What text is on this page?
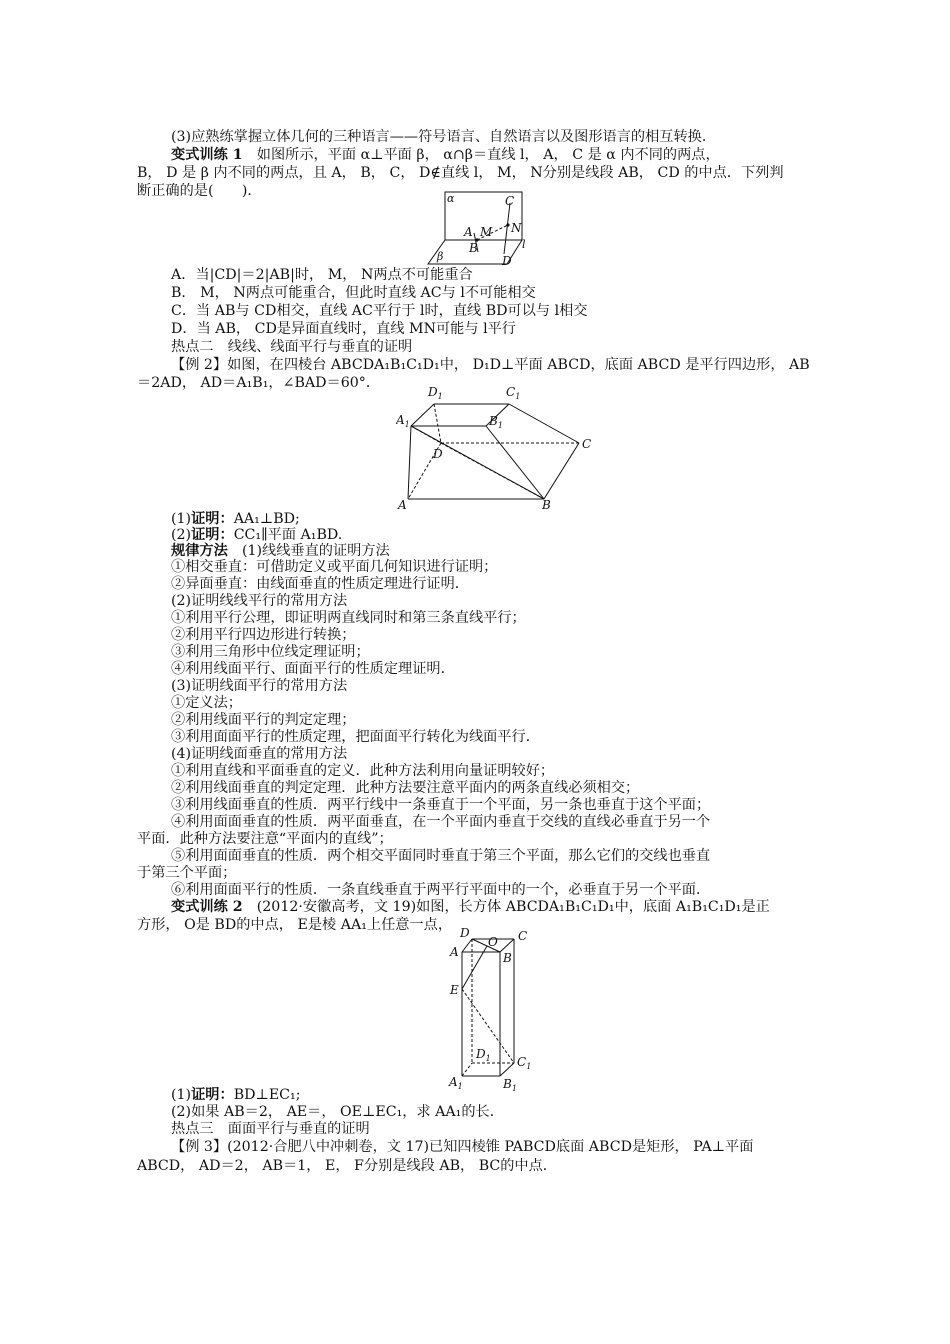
(3)应熟练掌握立体几何的三种语言——符号语言、自然语言以及图形语言的相互转换．
变式训练 1　如图所示，平面 α⊥平面 β， α∩β＝直线 l， A， C 是 α 内不同的两点，
B， D 是 β 内不同的两点，且 A， B， C， D∉直线 l， M， N分别是线段 AB， CD 的中点．下列判
断正确的是(　　)．	α
β
l
A
B
C
D
M N
A．当|CD|＝2|AB|时， M， N两点不可能重合
B． M， N两点可能重合，但此时直线 AC与 l不可能相交
C．当 AB与 CD相交，直线 AC平行于 l时，直线 BD可以与 l相交
D．当 AB， CD是异面直线时，直线 MN可能与 l平行
热点二　线线、线面平行与垂直的证明
【例 2】如图，在四棱台 ABCDA₁B₁C₁D₁中， D₁D⊥平面 ABCD，底面 ABCD 是平行四边形， AB
＝2AD， AD＝A₁B₁，∠BAD＝60°．
$D_1$	$C_1$
$A_1$	$B_1$
C
D
A	B
(1)证明：AA₁⊥BD;
(2)证明：CC₁∥平面 A₁BD.
规律方法　(1)线线垂直的证明方法
①相交垂直：可借助定义或平面几何知识进行证明；
②异面垂直：由线面垂直的性质定理进行证明．
(2)证明线线平行的常用方法
①利用平行公理，即证明两直线同时和第三条直线平行；
②利用平行四边形进行转换；
③利用三角形中位线定理证明；
④利用线面平行、面面平行的性质定理证明．
(3)证明线面平行的常用方法
①定义法；
②利用线面平行的判定定理；
③利用面面平行的性质定理，把面面平行转化为线面平行．
(4)证明线面垂直的常用方法
①利用直线和平面垂直的定义．此种方法利用向量证明较好；
②利用线面垂直的判定定理．此种方法要注意平面内的两条直线必须相交；
③利用线面垂直的性质．两平行线中一条垂直于一个平面，另一条也垂直于这个平面；
④利用面面垂直的性质．两平面垂直，在一个平面内垂直于交线的直线必垂直于另一个
平面．此种方法要注意“平面内的直线”；
⑤利用面面垂直的性质．两个相交平面同时垂直于第三个平面，那么它们的交线也垂直
于第三个平面；
⑥利用面面平行的性质．一条直线垂直于两平行平面中的一个，必垂直于另一个平面．
变式训练 2　(2012·安徽高考，文 19)如图，长方体 ABCDA₁B₁C₁D₁中，底面 A₁B₁C₁D₁是正
方形， O是 BD的中点， E是棱 AA₁上任意一点， D
O C
A	B
E
$D_1$ $C_1$
$A_1$	$B_1$
(1)证明：BD⊥EC₁;
(2)如果 AB＝2， AE＝， OE⊥EC₁，求 AA₁的长．
热点三　面面平行与垂直的证明
【例 3】(2012·合肥八中冲刺卷，文 17)已知四棱锥 PABCD底面 ABCD是矩形， PA⊥平面
ABCD， AD＝2， AB＝1， E， F分别是线段 AB， BC的中点．
